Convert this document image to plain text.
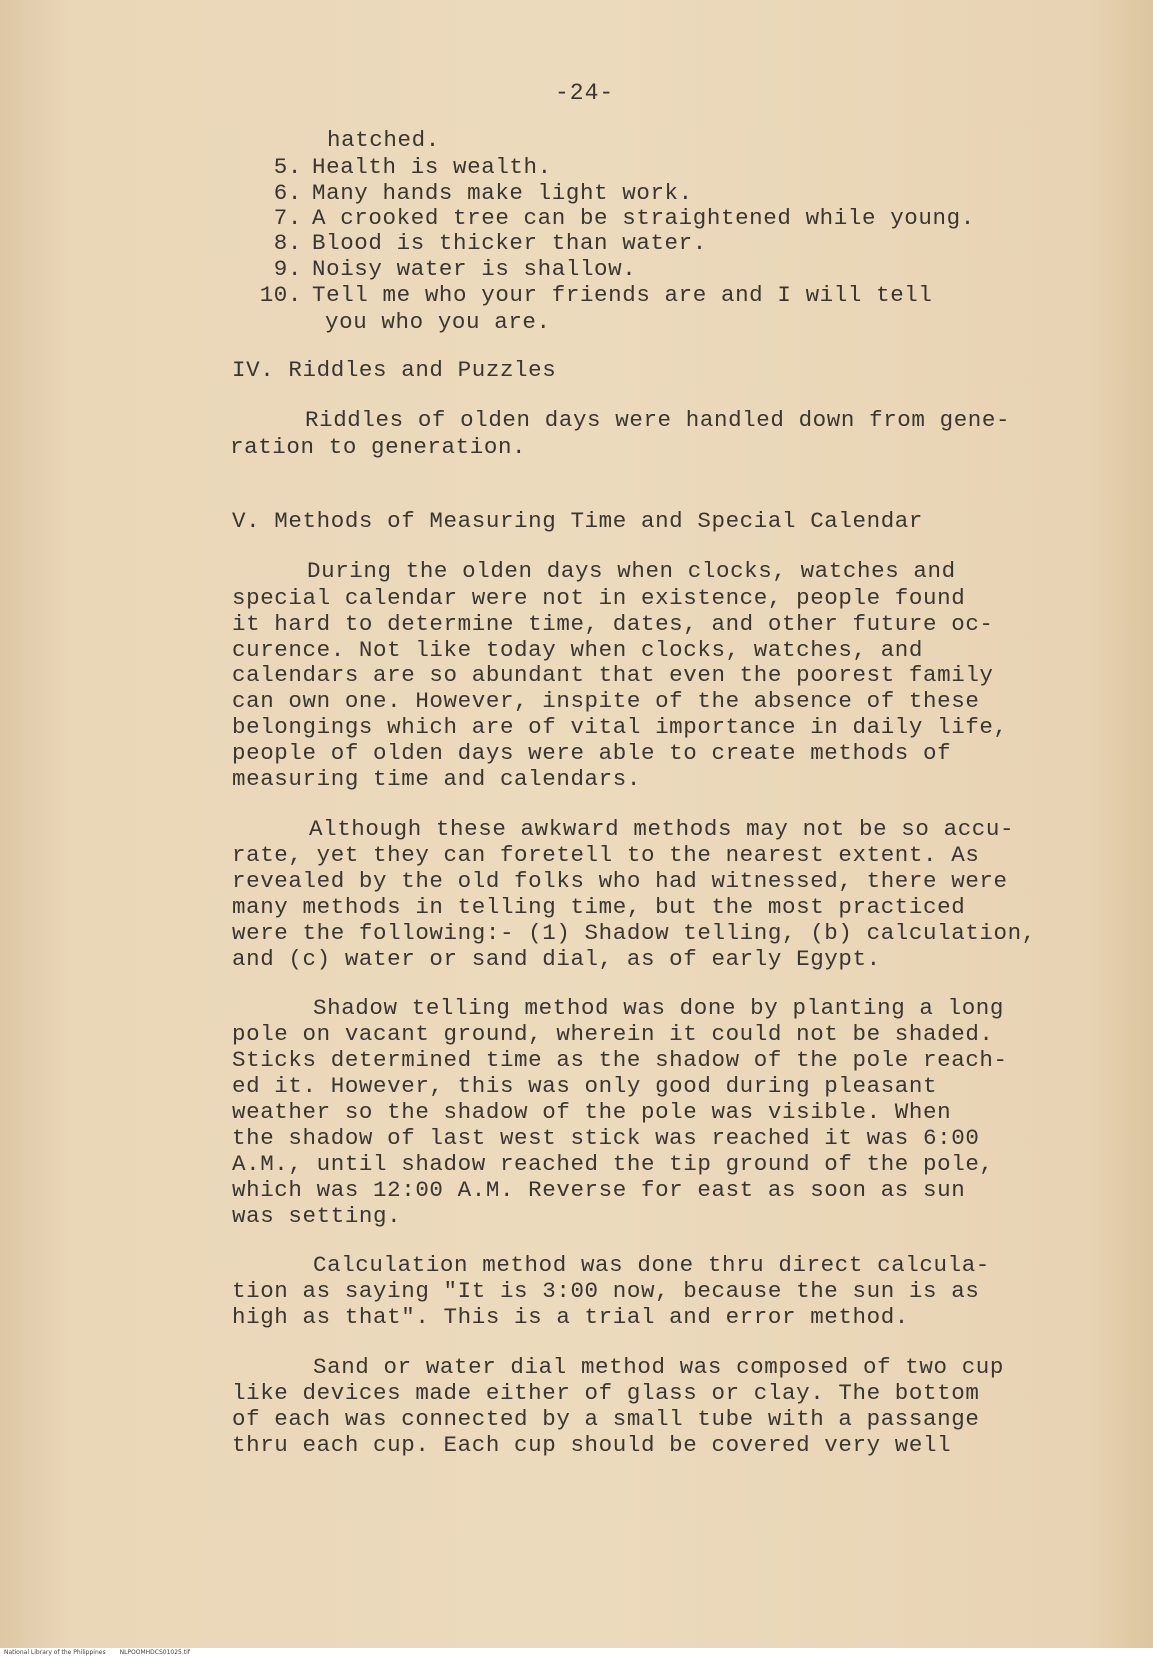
-24-
hatched.
5. Health is wealth.
6. Many hands make light work.
7. A crooked tree can be straightened while young.
8. Blood is thicker than water.
9. Noisy water is shallow.
10. Tell me who your friends are and I will tell
you who you are.
IV. Riddles and Puzzles
Riddles of olden days were handled down from gene-
ration to generation.
V. Methods of Measuring Time and Special Calendar
During the olden days when clocks, watches and
special calendar were not in existence, people found
it hard to determine time, dates, and other future oc-
curence. Not like today when clocks, watches, and
calendars are so abundant that even the poorest family
can own one. However, inspite of the absence of these
belongings which are of vital importance in daily life,
people of olden days were able to create methods of
measuring time and calendars.
Although these awkward methods may not be so accu-
rate, yet they can foretell to the nearest extent. As
revealed by the old folks who had witnessed, there were
many methods in telling time, but the most practiced
were the following:- (1) Shadow telling, (b) calculation,
and (c) water or sand dial, as of early Egypt.
Shadow telling method was done by planting a long
pole on vacant ground, wherein it could not be shaded.
Sticks determined time as the shadow of the pole reach-
ed it. However, this was only good during pleasant
weather so the shadow of the pole was visible. When
the shadow of last west stick was reached it was 6:00
A.M., until shadow reached the tip ground of the pole,
which was 12:00 A.M. Reverse for east as soon as sun
was setting.
Calculation method was done thru direct calcula-
tion as saying "It is 3:00 now, because the sun is as
high as that". This is a trial and error method.
Sand or water dial method was composed of two cup
like devices made either of glass or clay. The bottom
of each was connected by a small tube with a passange
thru each cup. Each cup should be covered very well
National Library of the Philippines NLPOOMHDCS01025.tif
